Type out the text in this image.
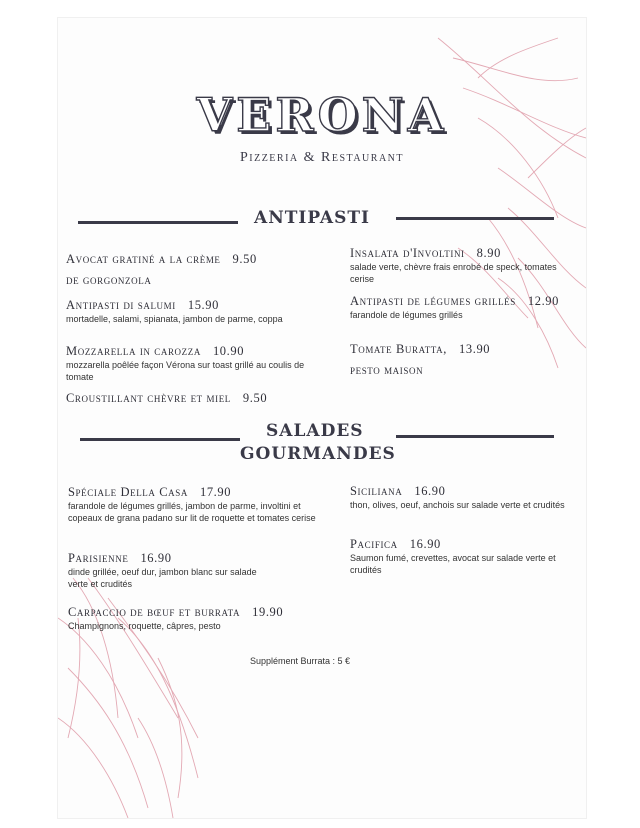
VERONA
Pizzeria & Restaurant
ANTIPASTI
Avocat gratiné a la crème 9.50
de gorgonzola
Antipasti di salumi 15.90
mortadelle, salami, spianata, jambon de parme, coppa
Mozzarella in carozza 10.90
mozzarella poêlée façon Vérona sur toast grillé au coulis de tomate
Croustillant chèvre et miel 9.50
Insalata d'Involtini 8.90
salade verte, chèvre frais enrobé de speck, tomates cerise
Antipasti de légumes grillés 12.90
farandole de légumes grillés
Tomate Buratta, 13.90
pesto maison
SALADES
GOURMANDES
Spéciale Della Casa 17.90
farandole de légumes grillés, jambon de parme, involtini et copeaux de grana padano sur lit de roquette et tomates cerise
Parisienne 16.90
dinde grillée, oeuf dur, jambon blanc sur salade verte et crudités
Carpaccio de bœuf et burrata 19.90
Champignons, roquette, câpres, pesto
Siciliana 16.90
thon, olives, oeuf, anchois sur salade verte et crudités
Pacifica 16.90
Saumon fumé, crevettes, avocat sur salade verte et crudités
Supplément Burrata : 5 €
